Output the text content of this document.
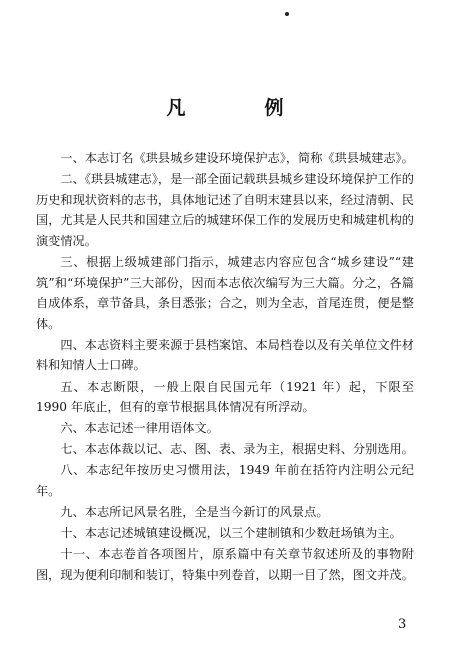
凡　例

一、本志订名《珙县城乡建设环境保护志》，简称《珙县城建志》。

二、《珙县城建志》，是一部全面记载珙县城乡建设环境保护工作的历史和现状资料的志书，具体地记述了自明末建县以来，经过清朝、民国，尤其是人民共和国建立后的城建环保工作的发展历史和城建机构的演变情况。

三、根据上级城建部门指示，城建志内容应包含“城乡建设”“建筑”和“环境保护”三大部份，因而本志依次编写为三大篇。分之，各篇自成体系，章节备具，条目悉张；合之，则为全志，首尾连贯，便是整体。

四、本志资料主要来源于县档案馆、本局档卷以及有关单位文件材料和知情人士口碑。

五、本志断限，一般上限自民国元年（1921 年）起，下限至 1990 年底止，但有的章节根据具体情况有所浮动。

六、本志记述一律用语体文。

七、本志体裁以记、志、图、表、录为主，根据史料、分别选用。

八、本志纪年按历史习惯用法，1949 年前在括符内注明公元纪年。

九、本志所记风景名胜，全是当今新订的风景点。

十、本志记述城镇建设概况，以三个建制镇和少数赶场镇为主。

十一、本志卷首各项图片，原系篇中有关章节叙述所及的事物附图，现为便利印制和装订，特集中列卷首，以期一目了然，图文并茂。

3
